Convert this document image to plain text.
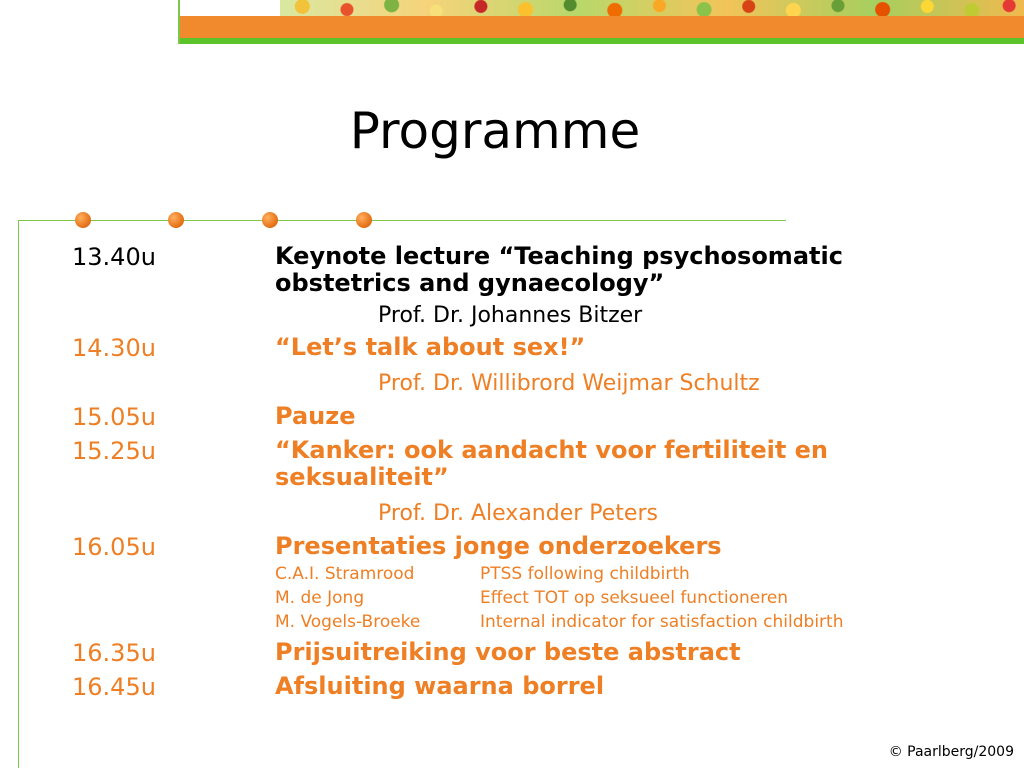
Programme
13.40u	Keynote lecture “Teaching psychosomatic obstetrics and gynaecology”
Prof. Dr. Johannes Bitzer
14.30u	“Let’s talk about sex!”
Prof. Dr. Willibrord Weijmar Schultz
15.05u	Pauze
15.25u	“Kanker: ook aandacht voor fertiliteit en seksualiteit”
Prof. Dr. Alexander Peters
16.05u	Presentaties jonge onderzoekers
C.A.I. Stramrood	PTSS following childbirth
M. de Jong	Effect TOT op seksueel functioneren
M. Vogels-Broeke	Internal indicator for satisfaction childbirth
16.35u	Prijsuitreiking voor beste abstract
16.45u	Afsluiting waarna borrel
© Paarlberg/2009
